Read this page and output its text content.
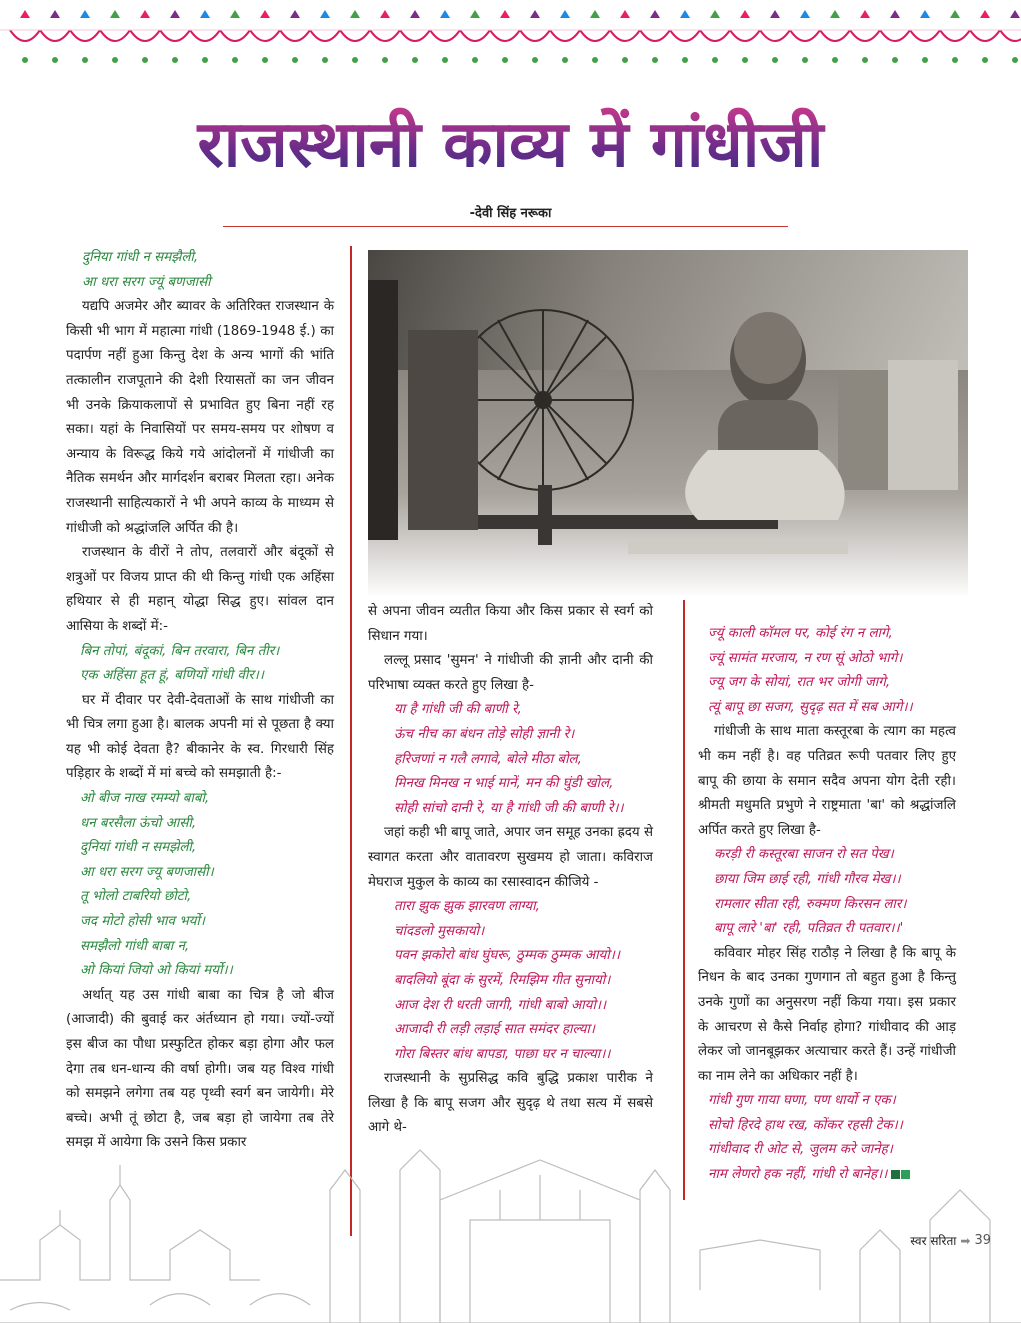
राजस्थानी काव्य में गांधीजी
-देवी सिंह नरूका
दुनिया गांधी न समझैली,
आ धरा सरग ज्यूं बणजासी

यद्यपि अजमेर और ब्यावर के अतिरिक्त राजस्थान के किसी भी भाग में महात्मा गांधी (1869-1948 ई.) का पदार्पण नहीं हुआ किन्तु देश के अन्य भागों की भांति तत्कालीन राजपूताने की देशी रियासतों का जन जीवन भी उनके क्रियाकलापों से प्रभावित हुए बिना नहीं रह सका। यहां के निवासियों पर समय-समय पर शोषण व अन्याय के विरूद्ध किये गये आंदोलनों में गांधीजी का नैतिक समर्थन और मार्गदर्शन बराबर मिलता रहा। अनेक राजस्थानी साहित्यकारों ने भी अपने काव्य के माध्यम से गांधीजी को श्रद्धांजलि अर्पित की है।

राजस्थान के वीरों ने तोप, तलवारों और बंदूकों से शत्रुओं पर विजय प्राप्त की थी किन्तु गांधी एक अहिंसा हथियार से ही महान् योद्धा सिद्ध हुए। सांवल दान आसिया के शब्दों में:-

बिन तोपां, बंदूकां, बिन तरवारा, बिन तीर।
एक अहिंसा हूत हूं, बणियों गांधी वीर।।

घर में दीवार पर देवी-देवताओं के साथ गांधीजी का भी चित्र लगा हुआ है। बालक अपनी मां से पूछता है क्या यह भी कोई देवता है? बीकानेर के स्व. गिरधारी सिंह पड़िहार के शब्दों में मां बच्चे को समझाती है:-

ओ बीज नाख रमम्यो बाबो,
धन बरसैला ऊंचो आसी,
दुनियां गांधी न समझेली,
आ धरा सरग ज्यू बणजासी।
तू भोलो टाबरियो छोटो,
जद मोटो होसी भाव भर्यो।
समझैलो गांधी बाबा न,
ओ कियां जियो ओ कियां मर्यो।।

अर्थात् यह उस गांधी बाबा का चित्र है जो बीज (आजादी) की बुवाई कर अंर्तध्यान हो गया। ज्यों-ज्यों इस बीज का पौधा प्रस्फुटित होकर बड़ा होगा और फल देगा तब धन-धान्य की वर्षा होगी। जब यह विश्व गांधी को समझने लगेगा तब यह पृथ्वी स्वर्ग बन जायेगी। मेरे बच्चे। अभी तूं छोटा है, जब बड़ा हो जायेगा तब तेरे समझ में आयेगा कि उसने किस प्रकार

से अपना जीवन व्यतीत किया और किस प्रकार से स्वर्ग को सिधान गया।

लल्लू प्रसाद 'सुमन' ने गांधीजी की ज्ञानी और दानी की परिभाषा व्यक्त करते हुए लिखा है-

या है गांधी जी की बाणी रे,
ऊंच नीच का बंधन तोड़े सोही ज्ञानी रे।
हरिजणां न गलै लगावे, बोले मीठा बोल,
मिनख मिनख न भाई मानें, मन की घुंडी खोल,
सोही सांचो दानी रे, या है गांधी जी की बाणी रे।।

जहां कही भी बापू जाते, अपार जन समूह उनका ह्रदय से स्वागत करता और वातावरण सुखमय हो जाता। कविराज मेघराज मुकुल के काव्य का रसास्वादन कीजिये -

तारा झुक झुक झारवण लाग्या,
चांदडलो मुसकायो।
पवन झकोरो बांध घुंघरू, ठुम्मक ठुम्मक आयो।।
बादलियो बूंदा कं सुरमें, रिमझिम गीत सुनायो।
आज देश री धरती जागी, गांधी बाबो आयो।।
आजादी री लड़ी लड़ाई सात समंदर हाल्या।
गोरा बिस्तर बांध बापडा, पाछा घर न चाल्या।।

राजस्थानी के सुप्रसिद्ध कवि बुद्धि प्रकाश पारीक ने लिखा है कि बापू सजग और सुदृढ़ थे तथा सत्य में सबसे आगे थे-

ज्यूं काली कॉमल पर, कोई रंग न लागे,
ज्यूं सामंत मरजाय, न रण सूं ओठो भागे।
ज्यू जग के सोयां, रात भर जोगी जागे,
त्यूं बापू छा सजग, सुदृढ़ सत में सब आगे।।

गांधीजी के साथ माता कस्तूरबा के त्याग का महत्व भी कम नहीं है। वह पतिव्रत रूपी पतवार लिए हुए बापू की छाया के समान सदैव अपना योग देती रही। श्रीमती मधुमति प्रभुणे ने राष्ट्रमाता 'बा' को श्रद्धांजलि अर्पित करते हुए लिखा है-

करड़ी री कस्तूरबा साजन रो सत पेख।
छाया जिम छाई रही, गांधी गौरव मेख।।
रामलार सीता रही, रुक्मण किरसन लार।
बापू लारे 'बा' रही, पतिव्रत री पतवार।।'

कविवार मोहर सिंह राठौड़ ने लिखा है कि बापू के निधन के बाद उनका गुणगान तो बहुत हुआ है किन्तु उनके गुणों का अनुसरण नहीं किया गया। इस प्रकार के आचरण से कैसे निर्वाह होगा? गांधीवाद की आड़ लेकर जो जानबूझकर अत्याचार करते हैं। उन्हें गांधीजी का नाम लेने का अधिकार नहीं है।

गांधी गुण गाया घणा, पण धार्यो न एक।
सोचो हिरदे हाथ रख, कोंकर रहसी टेक।।
गांधीवाद री ओट से, जुलम करे जानेह।
नाम लेणरो हक नहीं, गांधी रो बानेह।।
स्वर सरिता ➡ 39
